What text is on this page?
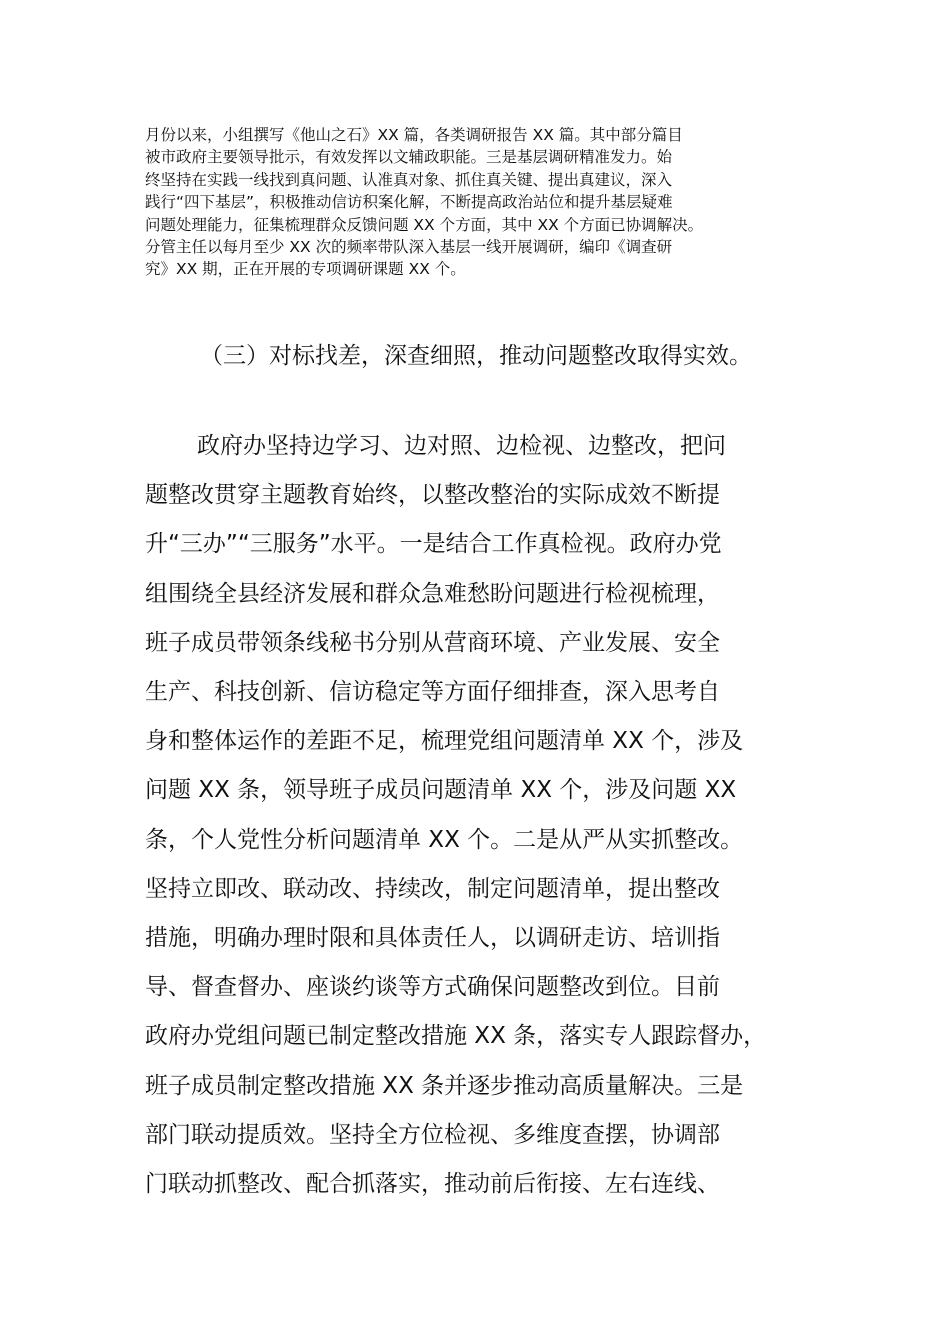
月份以来，小组撰写《他山之石》XX 篇，各类调研报告 XX 篇。其中部分篇目
被市政府主要领导批示，有效发挥以文辅政职能。三是基层调研精准发力。始
终坚持在实践一线找到真问题、认准真对象、抓住真关键、提出真建议，深入
践行“四下基层”，积极推动信访积案化解，不断提高政治站位和提升基层疑难
问题处理能力，征集梳理群众反馈问题 XX 个方面，其中 XX 个方面已协调解决。
分管主任以每月至少 XX 次的频率带队深入基层一线开展调研，编印《调查研
究》XX 期，正在开展的专项调研课题 XX 个。

（三）对标找差，深查细照，推动问题整改取得实效。

政府办坚持边学习、边对照、边检视、边整改，把问
题整改贯穿主题教育始终，以整改整治的实际成效不断提
升“三办”“三服务”水平。一是结合工作真检视。政府办党
组围绕全县经济发展和群众急难愁盼问题进行检视梳理，
班子成员带领条线秘书分别从营商环境、产业发展、安全
生产、科技创新、信访稳定等方面仔细排查，深入思考自
身和整体运作的差距不足，梳理党组问题清单 XX 个，涉及
问题 XX 条，领导班子成员问题清单 XX 个，涉及问题 XX
条，个人党性分析问题清单 XX 个。二是从严从实抓整改。
坚持立即改、联动改、持续改，制定问题清单，提出整改
措施，明确办理时限和具体责任人，以调研走访、培训指
导、督查督办、座谈约谈等方式确保问题整改到位。目前
政府办党组问题已制定整改措施 XX 条，落实专人跟踪督办，
班子成员制定整改措施 XX 条并逐步推动高质量解决。三是
部门联动提质效。坚持全方位检视、多维度查摆，协调部
门联动抓整改、配合抓落实，推动前后衔接、左右连线、
